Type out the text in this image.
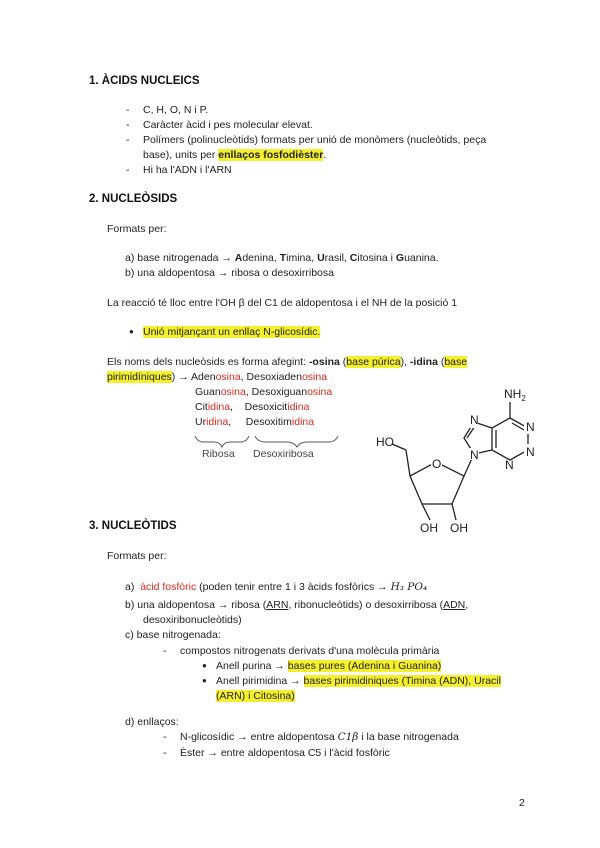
1. ÀCIDS NUCLEICS
- C, H, O, N i P.
- Caràcter àcid i pes molecular elevat.
- Polímers (polinucleòtids) formats per unió de monòmers (nucleòtids, peça
base), units per enllaços fosfodièster.
- Hi ha l'ADN i l'ARN
2. NUCLEÒSIDS
Formats per:
a) base nitrogenada → Adenina, Timina, Urasil, Citosina i Guanina.
b) una aldopentosa → ribosa o desoxirribosa
La reacció té lloc entre l'OH β del C1 de aldopentosa i el NH de la posició 1
● Unió mitjançant un enllaç N-glicosídic.
Els noms dels nucleòsids es forma afegint: -osina (base púrica), -idina (base
pirimidíniques) → Adenosina, Desoxiadenosina
Guanosina, Desoxiguanosina
Citidina,    Desoxicitidina
Uridina,     Desoxitimidina
Ribosa Desoxiribosa
$NH_2$
N
N
N
N
N
O
HO
OH OH
3. NUCLEÒTIDS
Formats per:
a) àcid fosfòric (poden tenir entre 1 i 3 àcids fosfòrics → H₃ PO₄
b) una aldopentosa → ribosa (ARN, ribonucleòtids) o desoxirribosa (ADN,
desoxiribonucleòtids)
c) base nitrogenada:
- compostos nitrogenats derivats d'una molècula primària
● Anell purina → bases pures (Adenina i Guanina)
● Anell pirimidina → bases pirimidiniques (Timina (ADN), Uracil
(ARN) i Citosina)
d) enllaços:
- N-glicosídic → entre aldopentosa C1β i la base nitrogenada
- Èster → entre aldopentosa C5 i l'àcid fosfòric
2
